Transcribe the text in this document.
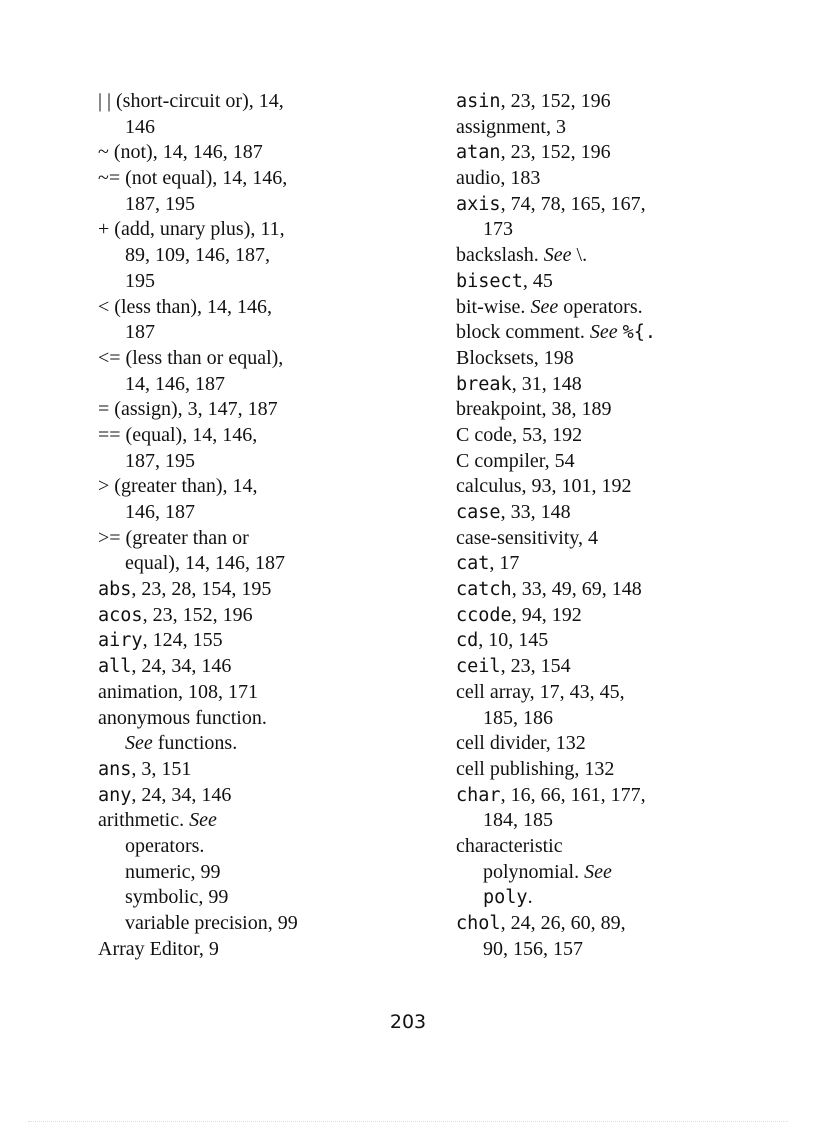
| | (short-circuit or), 14,
146
~ (not), 14, 146, 187
~= (not equal), 14, 146,
187, 195
+ (add, unary plus), 11,
89, 109, 146, 187,
195
< (less than), 14, 146,
187
<= (less than or equal),
14, 146, 187
= (assign), 3, 147, 187
== (equal), 14, 146,
187, 195
> (greater than), 14,
146, 187
>= (greater than or
equal), 14, 146, 187
abs, 23, 28, 154, 195
acos, 23, 152, 196
airy, 124, 155
all, 24, 34, 146
animation, 108, 171
anonymous function.
See functions.
ans, 3, 151
any, 24, 34, 146
arithmetic. See
operators.
numeric, 99
symbolic, 99
variable precision, 99
Array Editor, 9
asin, 23, 152, 196
assignment, 3
atan, 23, 152, 196
audio, 183
axis, 74, 78, 165, 167,
173
backslash. See \.
bisect, 45
bit-wise. See operators.
block comment. See %{.
Blocksets, 198
break, 31, 148
breakpoint, 38, 189
C code, 53, 192
C compiler, 54
calculus, 93, 101, 192
case, 33, 148
case-sensitivity, 4
cat, 17
catch, 33, 49, 69, 148
ccode, 94, 192
cd, 10, 145
ceil, 23, 154
cell array, 17, 43, 45,
185, 186
cell divider, 132
cell publishing, 132
char, 16, 66, 161, 177,
184, 185
characteristic
polynomial. See
poly.
chol, 24, 26, 60, 89,
90, 156, 157
203
